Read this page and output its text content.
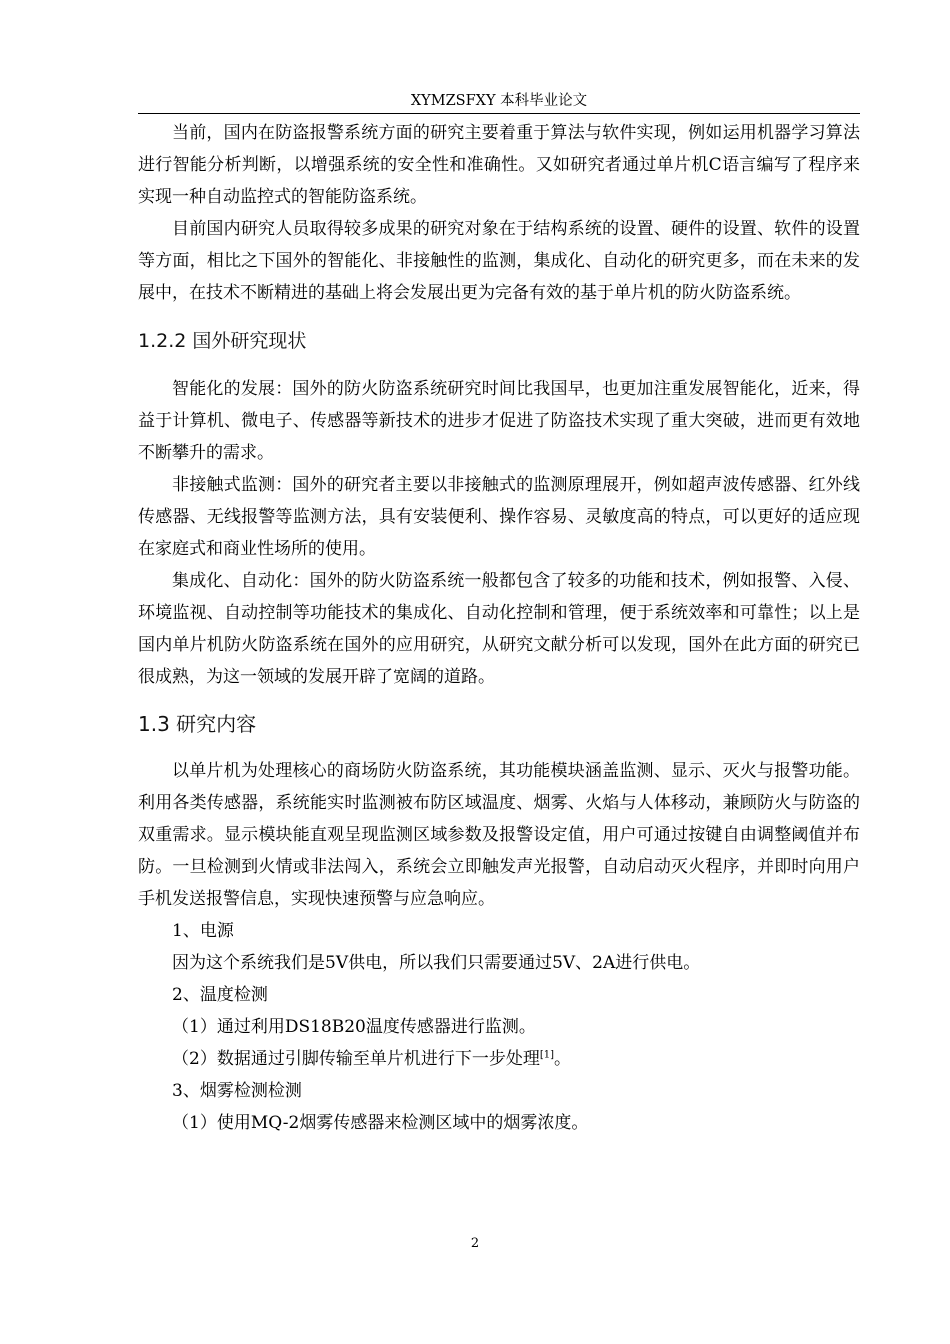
XYMZSFXY 本科毕业论文

当前，国内在防盗报警系统方面的研究主要着重于算法与软件实现，例如运用机器学习算法进行智能分析判断，以增强系统的安全性和准确性。又如研究者通过单片机C语言编写了程序来实现一种自动监控式的智能防盗系统。

目前国内研究人员取得较多成果的研究对象在于结构系统的设置、硬件的设置、软件的设置等方面，相比之下国外的智能化、非接触性的监测，集成化、自动化的研究更多，而在未来的发展中，在技术不断精进的基础上将会发展出更为完备有效的基于单片机的防火防盗系统。

1.2.2 国外研究现状

智能化的发展：国外的防火防盗系统研究时间比我国早，也更加注重发展智能化，近来，得益于计算机、微电子、传感器等新技术的进步才促进了防盗技术实现了重大突破，进而更有效地不断攀升的需求。

非接触式监测：国外的研究者主要以非接触式的监测原理展开，例如超声波传感器、红外线传感器、无线报警等监测方法，具有安装便利、操作容易、灵敏度高的特点，可以更好的适应现在家庭式和商业性场所的使用。

集成化、自动化：国外的防火防盗系统一般都包含了较多的功能和技术，例如报警、入侵、环境监视、自动控制等功能技术的集成化、自动化控制和管理，便于系统效率和可靠性；以上是国内单片机防火防盗系统在国外的应用研究，从研究文献分析可以发现，国外在此方面的研究已很成熟，为这一领域的发展开辟了宽阔的道路。

1.3 研究内容

以单片机为处理核心的商场防火防盗系统，其功能模块涵盖监测、显示、灭火与报警功能。利用各类传感器，系统能实时监测被布防区域温度、烟雾、火焰与人体移动，兼顾防火与防盗的双重需求。显示模块能直观呈现监测区域参数及报警设定值，用户可通过按键自由调整阈值并布防。一旦检测到火情或非法闯入，系统会立即触发声光报警，自动启动灭火程序，并即时向用户手机发送报警信息，实现快速预警与应急响应。

1、电源

因为这个系统我们是5V供电，所以我们只需要通过5V、2A进行供电。

2、温度检测

（1）通过利用DS18B20温度传感器进行监测。

（2）数据通过引脚传输至单片机进行下一步处理[1]。

3、烟雾检测检测

（1）使用MQ-2烟雾传感器来检测区域中的烟雾浓度。

2
